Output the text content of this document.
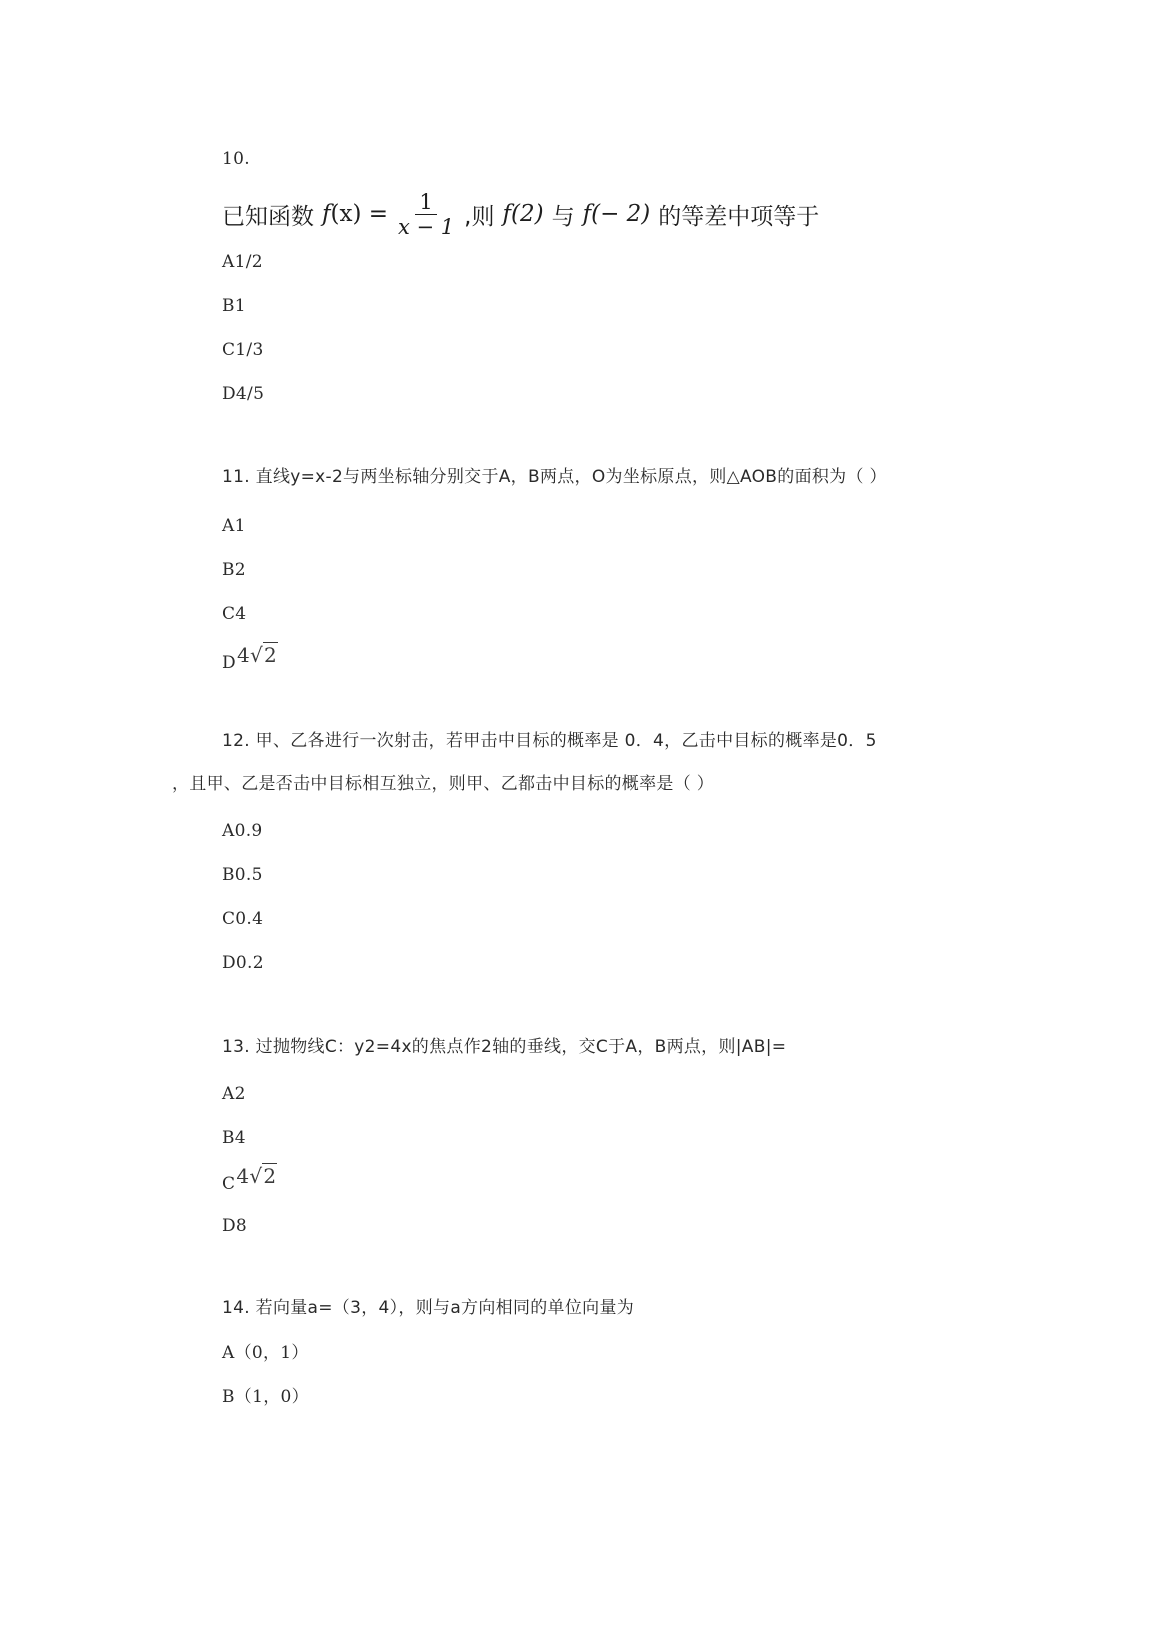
10.
已知函数 f $(x) = \frac{1}{x - 1}$ ,则 f(2) 与 f(− 2) 的等差中项等于
A1/2
B1
C1/3
D4/5
11. 直线y=x-2与两坐标轴分别交于A，B两点，O为坐标原点，则△AOB的面积为（ ）
A1
B2
C4
D4√2
12. 甲、乙各进行一次射击，若甲击中目标的概率是 0．4，乙击中目标的概率是0．5
，且甲、乙是否击中目标相互独立，则甲、乙都击中目标的概率是（ ）
A0.9
B0.5
C0.4
D0.2
13. 过抛物线C：y2=4x的焦点作2轴的垂线，交C于A，B两点，则|AB|=
A2
B4
C4√2
D8
14. 若向量a=（3，4），则与a方向相同的单位向量为
A（0，1）
B（1，0）
